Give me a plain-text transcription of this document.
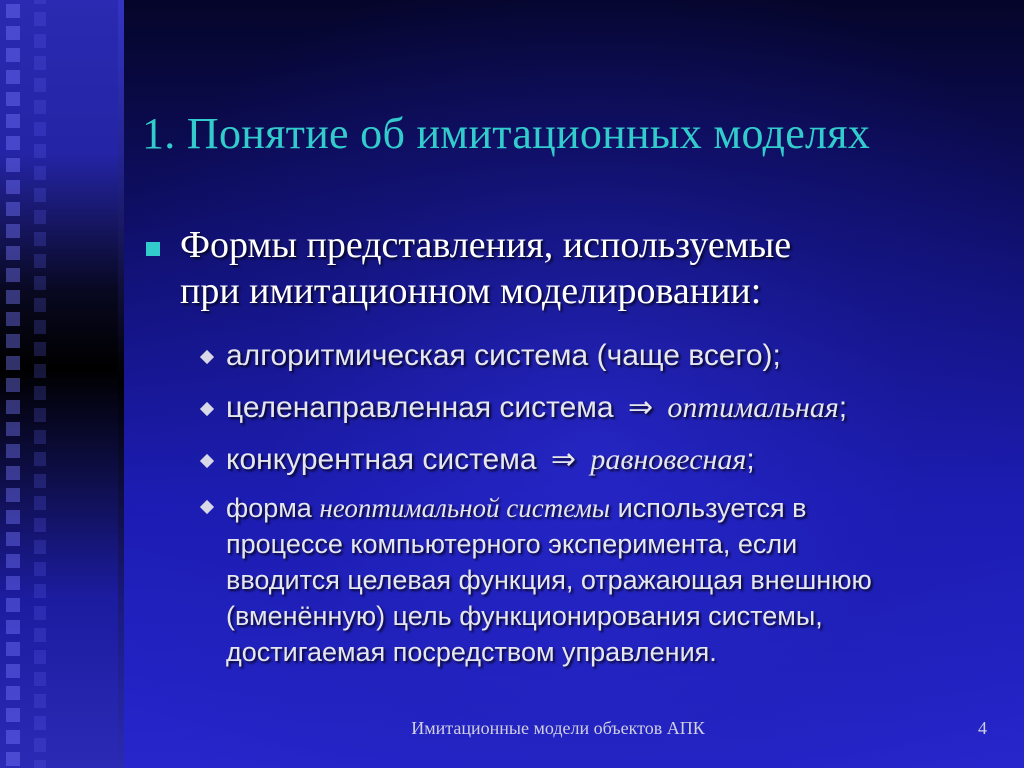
1. Понятие об имитационных моделях
Формы представления, используемые
при имитационном моделировании:
алгоритмическая система (чаще всего);
целенаправленная система ⇒ оптимальная;
конкурентная система ⇒ равновесная;
форма неоптимальной системы используется в
процессе компьютерного эксперимента, если
вводится целевая функция, отражающая внешнюю
(вменённую) цель функционирования системы,
достигаемая посредством управления.
Имитационные модели объектов АПК	4
